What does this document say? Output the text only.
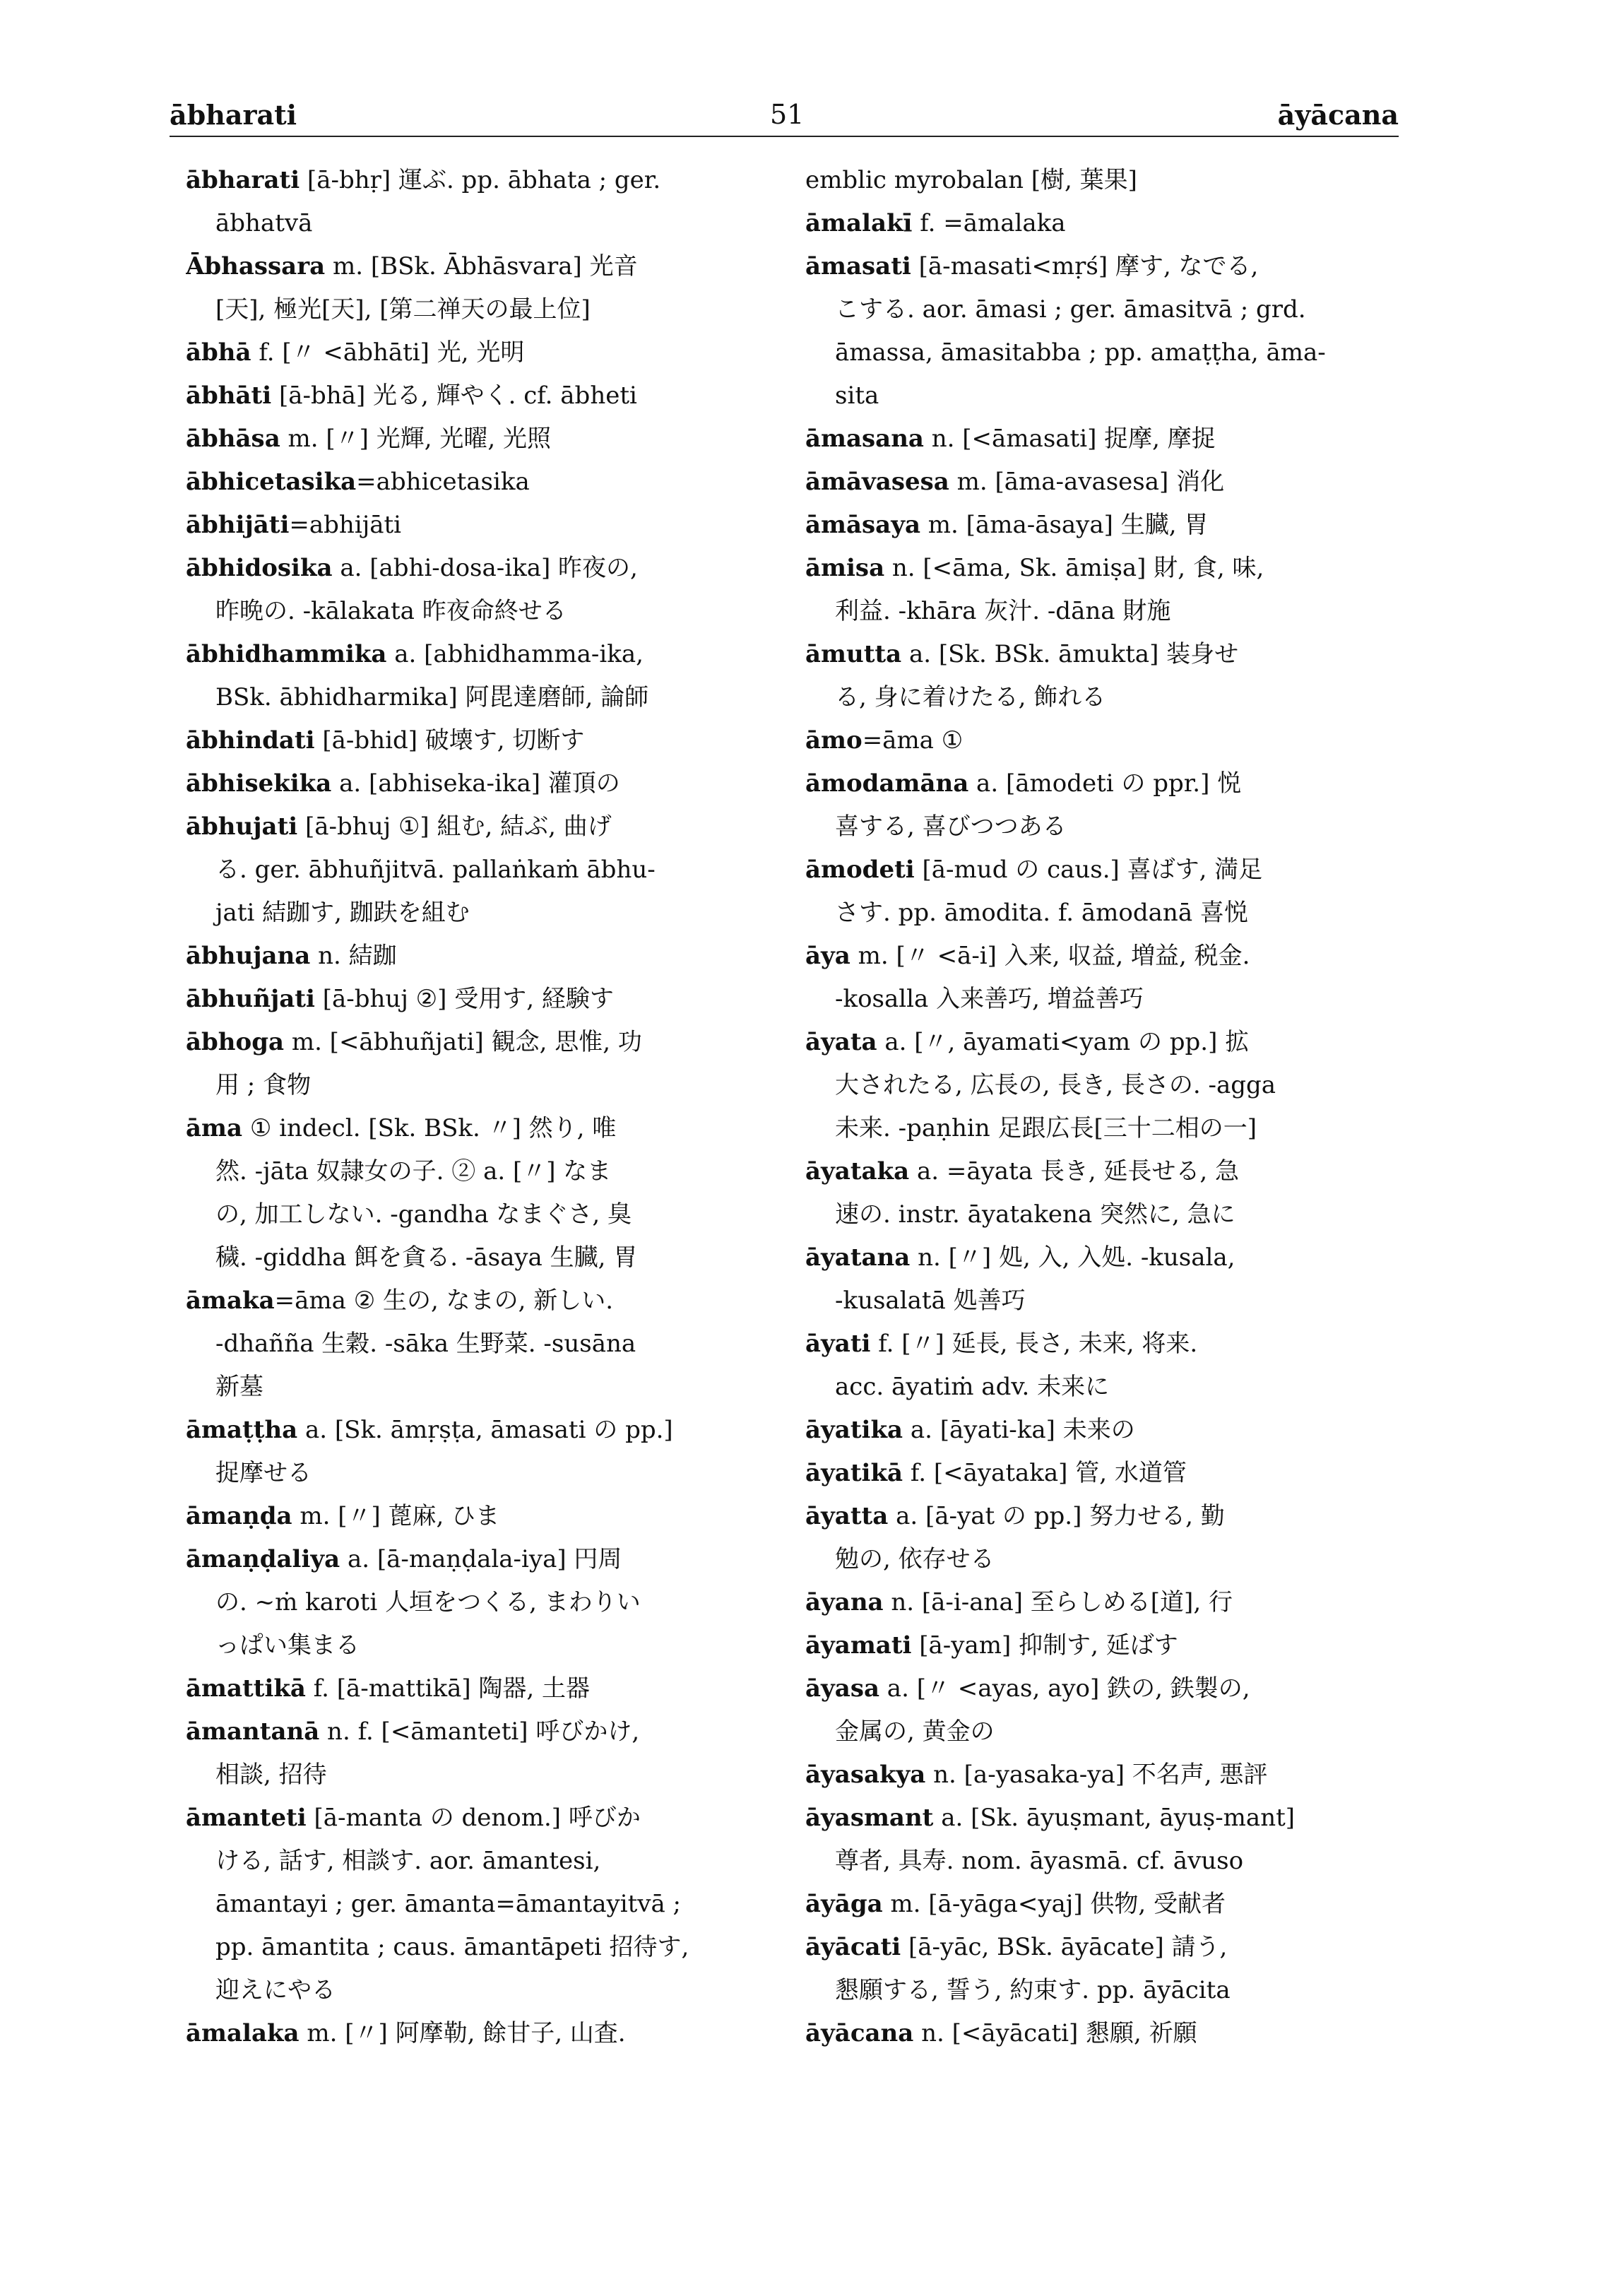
ābharati	51	āyācana
ābharati [ā-bhṛ] 運ぶ. pp. ābhata ; ger.
ābhatvā
Ābhassara m. [BSk. Ābhāsvara] 光音
[天], 極光[天], [第二禅天の最上位]
ābhā f. [〃 <ābhāti] 光, 光明
ābhāti [ā-bhā] 光る, 輝やく. cf. ābheti
ābhāsa m. [〃] 光輝, 光曜, 光照
ābhicetasika=abhicetasika
ābhijāti=abhijāti
ābhidosika a. [abhi-dosa-ika] 昨夜の,
昨晩の. -kālakata 昨夜命終せる
ābhidhammika a. [abhidhamma-ika,
BSk. ābhidharmika] 阿毘達磨師, 論師
ābhindati [ā-bhid] 破壊す, 切断す
ābhisekika a. [abhiseka-ika] 灌頂の
ābhujati [ā-bhuj ①] 組む, 結ぶ, 曲げ
る. ger. ābhuñjitvā. pallaṅkaṁ ābhu-
jati 結跏す, 跏趺を組む
ābhujana n. 結跏
ābhuñjati [ā-bhuj ②] 受用す, 経験す
ābhoga m. [<ābhuñjati] 観念, 思惟, 功
用 ; 食物
āma ① indecl. [Sk. BSk. 〃] 然り, 唯
然. -jāta 奴隷女の子. ② a. [〃] なま
の, 加工しない. -gandha なまぐさ, 臭
穢. -giddha 餌を貪る. -āsaya 生臓, 胃
āmaka=āma ② 生の, なまの, 新しい.
-dhañña 生穀. -sāka 生野菜. -susāna
新墓
āmaṭṭha a. [Sk. āmṛṣṭa, āmasati の pp.]
捉摩せる
āmaṇḍa m. [〃] 蓖麻, ひま
āmaṇḍaliya a. [ā-maṇḍala-iya] 円周
の. ~ṁ karoti 人垣をつくる, まわりい
っぱい集まる
āmattikā f. [ā-mattikā] 陶器, 土器
āmantanā n. f. [<āmanteti] 呼びかけ,
相談, 招待
āmanteti [ā-manta の denom.] 呼びか
ける, 話す, 相談す. aor. āmantesi,
āmantayi ; ger. āmanta=āmantayitvā ;
pp. āmantita ; caus. āmantāpeti 招待す,
迎えにやる
āmalaka m. [〃] 阿摩勒, 餘甘子, 山査.
emblic myrobalan [樹, 葉果]
āmalakī f. =āmalaka
āmasati [ā-masati<mṛś] 摩す, なでる,
こする. aor. āmasi ; ger. āmasitvā ; grd.
āmassa, āmasitabba ; pp. amaṭṭha, āma-
sita
āmasana n. [<āmasati] 捉摩, 摩捉
āmāvasesa m. [āma-avasesa] 消化
āmāsaya m. [āma-āsaya] 生臓, 胃
āmisa n. [<āma, Sk. āmiṣa] 財, 食, 味,
利益. -khāra 灰汁. -dāna 財施
āmutta a. [Sk. BSk. āmukta] 装身せ
る, 身に着けたる, 飾れる
āmo=āma ①
āmodamāna a. [āmodeti の ppr.] 悦
喜する, 喜びつつある
āmodeti [ā-mud の caus.] 喜ばす, 満足
さす. pp. āmodita. f. āmodanā 喜悦
āya m. [〃 <ā-i] 入来, 収益, 増益, 税金.
-kosalla 入来善巧, 増益善巧
āyata a. [〃, āyamati<yam の pp.] 拡
大されたる, 広長の, 長き, 長さの. -agga
未来. -paṇhin 足跟広長[三十二相の一]
āyataka a. =āyata 長き, 延長せる, 急
速の. instr. āyatakena 突然に, 急に
āyatana n. [〃] 処, 入, 入処. -kusala,
-kusalatā 処善巧
āyati f. [〃] 延長, 長さ, 未来, 将来.
acc. āyatiṁ adv. 未来に
āyatika a. [āyati-ka] 未来の
āyatikā f. [<āyataka] 管, 水道管
āyatta a. [ā-yat の pp.] 努力せる, 勤
勉の, 依存せる
āyana n. [ā-i-ana] 至らしめる[道], 行
āyamati [ā-yam] 抑制す, 延ばす
āyasa a. [〃 <ayas, ayo] 鉄の, 鉄製の,
金属の, 黄金の
āyasakya n. [a-yasaka-ya] 不名声, 悪評
āyasmant a. [Sk. āyuṣmant, āyuṣ-mant]
尊者, 具寿. nom. āyasmā. cf. āvuso
āyāga m. [ā-yāga<yaj] 供物, 受献者
āyācati [ā-yāc, BSk. āyācate] 請う,
懇願する, 誓う, 約束す. pp. āyācita
āyācana n. [<āyācati] 懇願, 祈願
